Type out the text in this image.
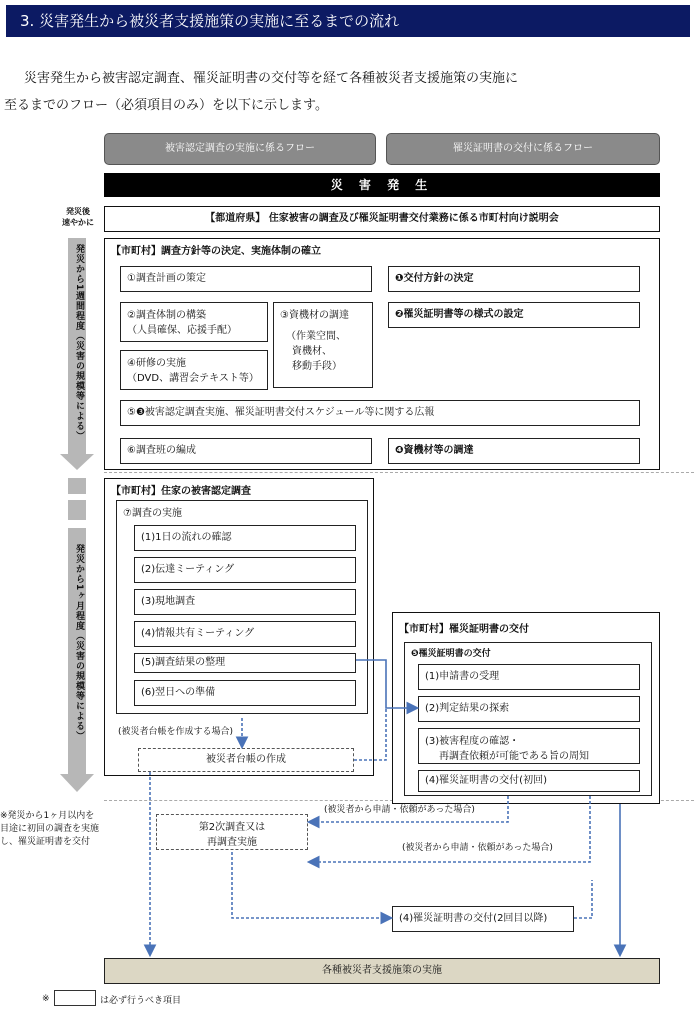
3. 災害発生から被災者支援施策の実施に至るまでの流れ
災害発生から被害認定調査、罹災証明書の交付等を経て各種被災者支援施策の実施に
至るまでのフロー（必須項目のみ）を以下に示します。
被害認定調査の実施に係るフロー	罹災証明書の交付に係るフロー
災 害 発 生
発災後
速やかに	【都道府県】 住家被害の調査及び罹災証明書交付業務に係る市町村向け説明会
【市町村】調査方針等の決定、実施体制の確立
①調査計画の策定	❶交付方針の決定
②調査体制の構築
（人員確保、応援手配）
③資機材の調達
（作業空間、
資機材、
移動手段）
❷罹災証明書等の様式の設定
④研修の実施
（DVD、講習会テキスト等）
⑤❸被害認定調査実施、罹災証明書交付スケジュール等に関する広報
⑥調査班の編成	❹資機材等の調達
発災から1週間程度（災害の規模等による）
発災から1ヶ月程度（災害の規模等による）
【市町村】住家の被害認定調査
⑦調査の実施
(1)1日の流れの確認
(2)伝達ミーティング
(3)現地調査
(4)情報共有ミーティング
(5)調査結果の整理
(6)翌日への準備
(被災者台帳を作成する場合)
被災者台帳の作成
【市町村】罹災証明書の交付
❺罹災証明書の交付
(1)申請書の受理
(2)判定結果の探索
(3)被害程度の確認・
再調査依頼が可能である旨の周知
(4)罹災証明書の交付(初回)
※発災から1ヶ月以内を目途に初回の調査を実施し、罹災証明書を交付
(被災者から申請・依頼があった場合)
(被災者から申請・依頼があった場合)
第2次調査又は
再調査実施
(4)罹災証明書の交付(2回目以降)
各種被災者支援施策の実施
※	は必ず行うべき項目
